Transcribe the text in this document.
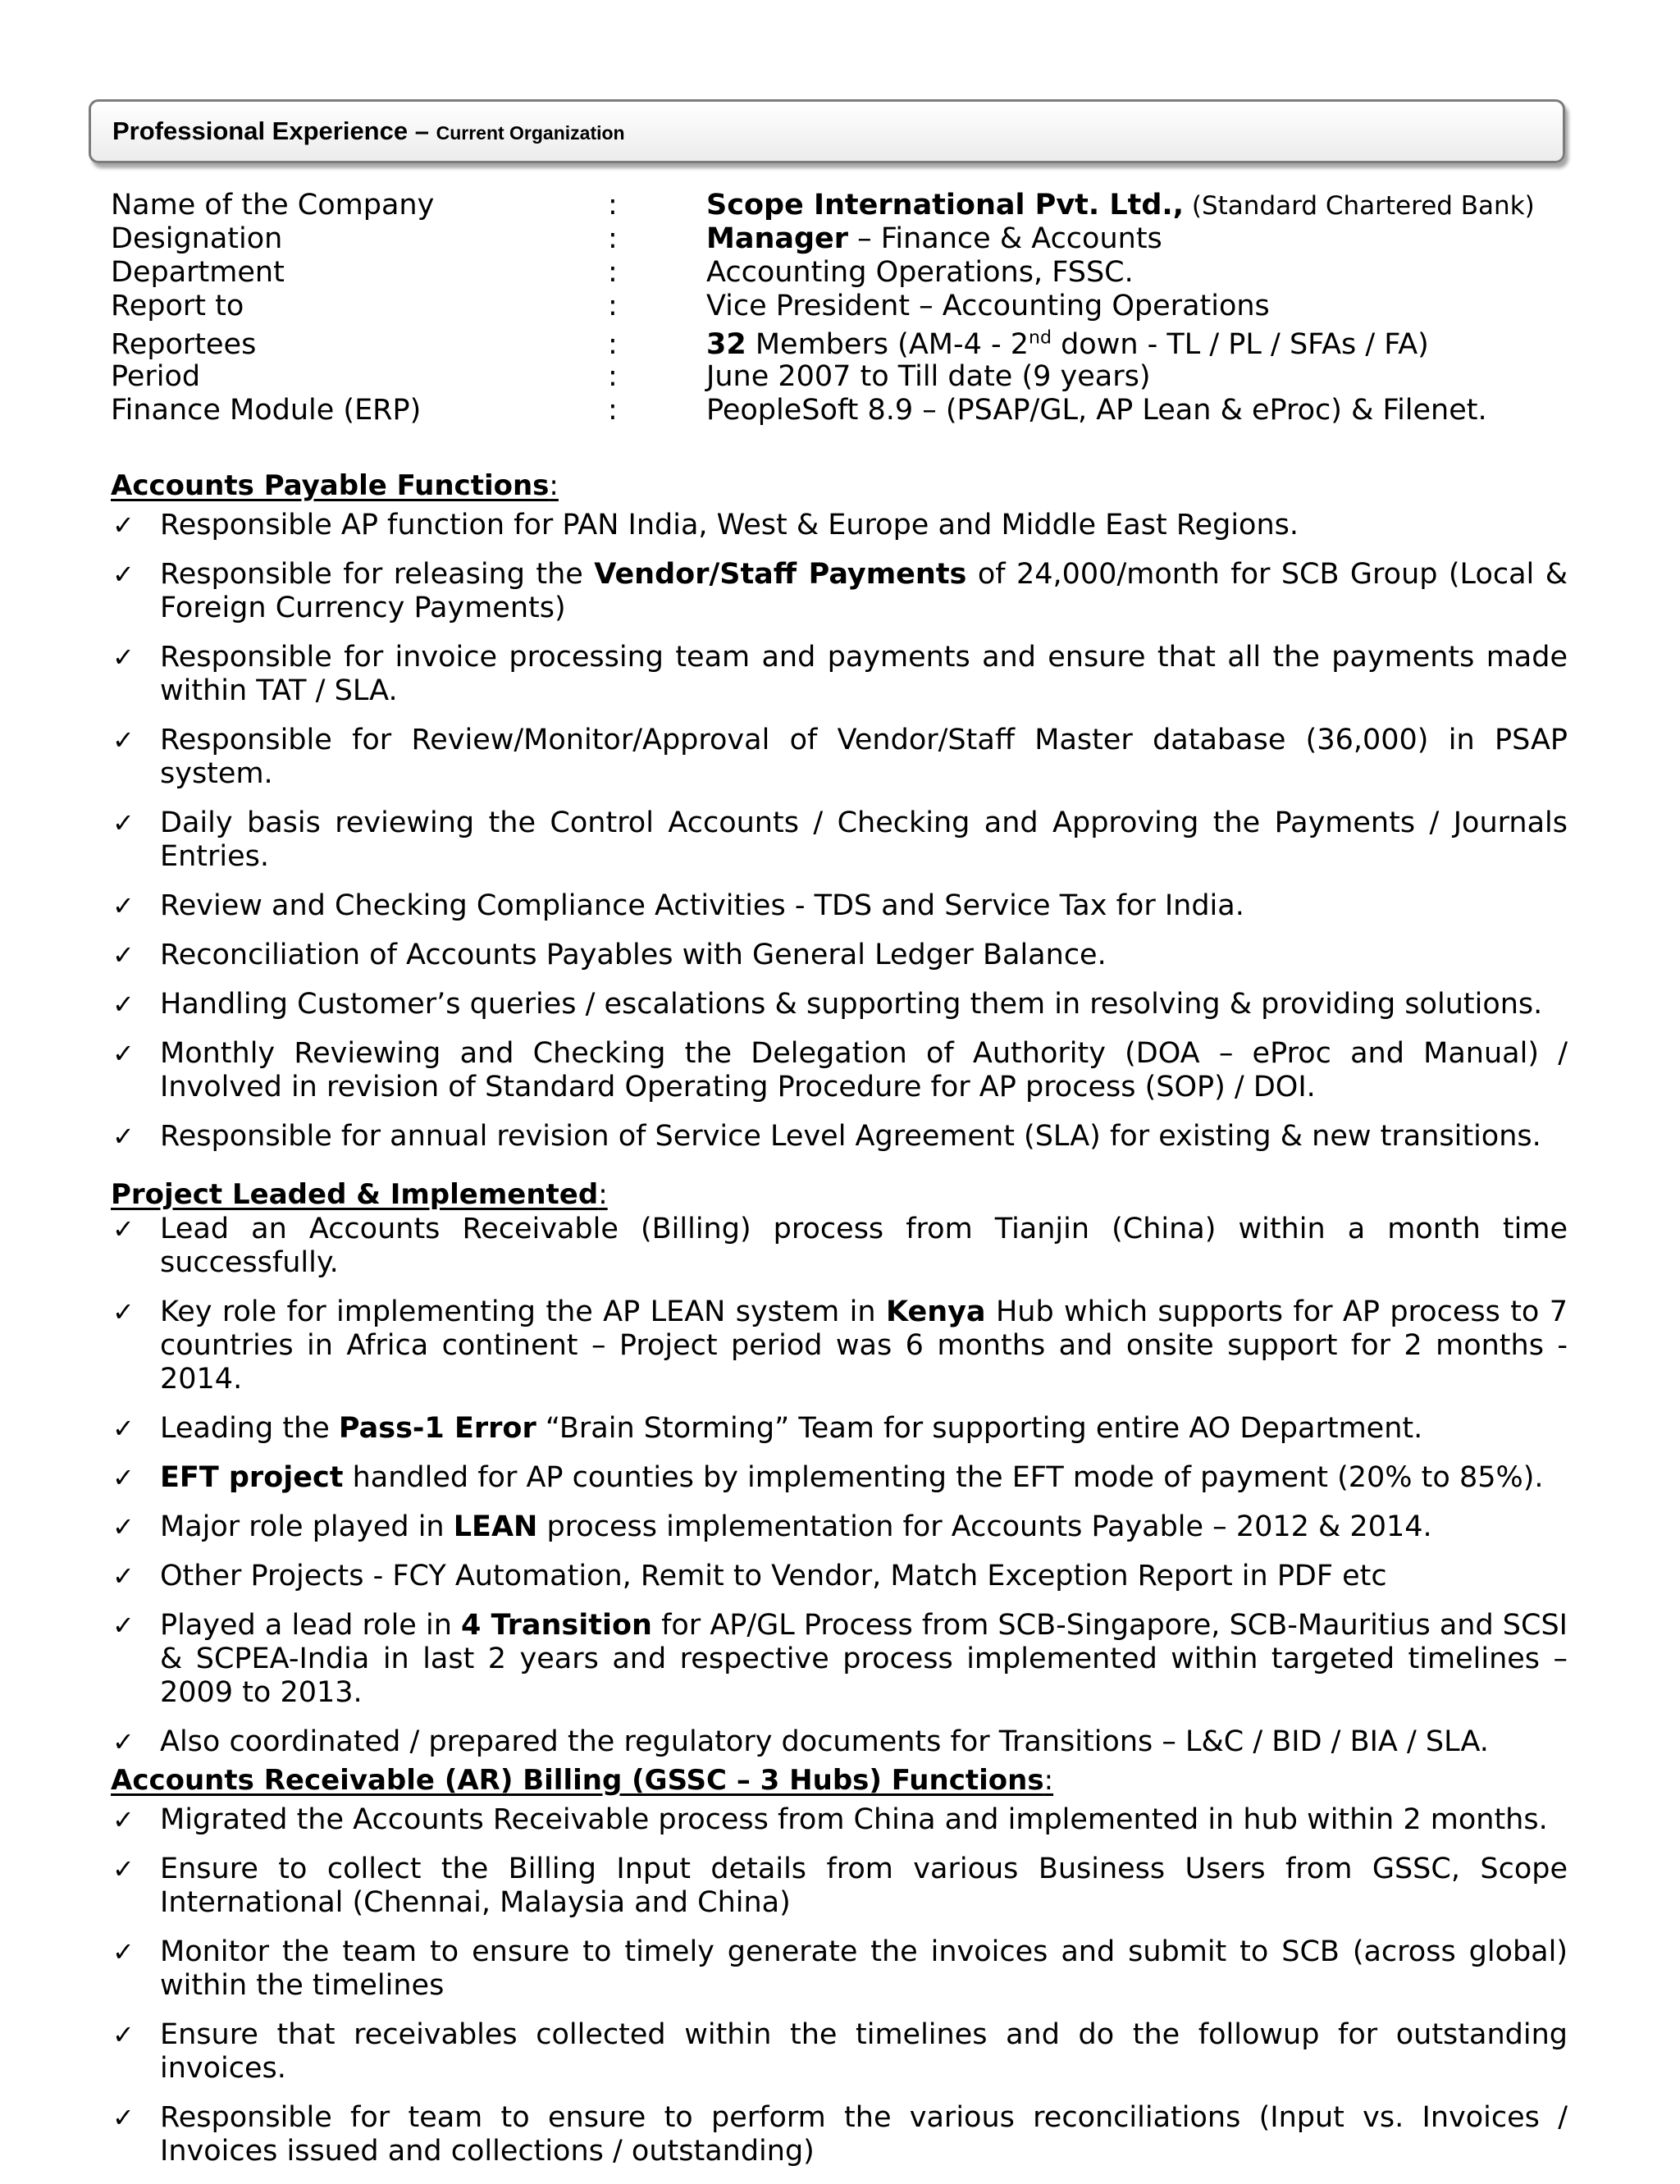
Professional Experience – Current Organization
Name of the Company	:	Scope International Pvt. Ltd., (Standard Chartered Bank)
Designation	:	Manager – Finance & Accounts
Department	:	Accounting Operations, FSSC.
Report to	:	Vice President – Accounting Operations
Reportees	:	32 Members (AM-4 - 2nd down - TL / PL / SFAs / FA)
Period	:	June 2007 to Till date (9 years)
Finance Module (ERP)	:	PeopleSoft 8.9 – (PSAP/GL, AP Lean & eProc) & Filenet.
Accounts Payable Functions:
✓ Responsible AP function for PAN India, West & Europe and Middle East Regions.
✓ Responsible for releasing the Vendor/Staff Payments of 24,000/month for SCB Group (Local & Foreign Currency Payments)
✓ Responsible for invoice processing team and payments and ensure that all the payments made within TAT / SLA.
✓ Responsible for Review/Monitor/Approval of Vendor/Staff Master database (36,000) in PSAP system.
✓ Daily basis reviewing the Control Accounts / Checking and Approving the Payments / Journals Entries.
✓ Review and Checking Compliance Activities - TDS and Service Tax for India.
✓ Reconciliation of Accounts Payables with General Ledger Balance.
✓ Handling Customer’s queries / escalations & supporting them in resolving & providing solutions.
✓ Monthly Reviewing and Checking the Delegation of Authority (DOA – eProc and Manual) / Involved in revision of Standard Operating Procedure for AP process (SOP) / DOI.
✓ Responsible for annual revision of Service Level Agreement (SLA) for existing & new transitions.
Project Leaded & Implemented:
✓ Lead an Accounts Receivable (Billing) process from Tianjin (China) within a month time successfully.
✓ Key role for implementing the AP LEAN system in Kenya Hub which supports for AP process to 7 countries in Africa continent – Project period was 6 months and onsite support for 2 months - 2014.
✓ Leading the Pass-1 Error “Brain Storming” Team for supporting entire AO Department.
✓ EFT project handled for AP counties by implementing the EFT mode of payment (20% to 85%).
✓ Major role played in LEAN process implementation for Accounts Payable – 2012 & 2014.
✓ Other Projects - FCY Automation, Remit to Vendor, Match Exception Report in PDF etc
✓ Played a lead role in 4 Transition for AP/GL Process from SCB-Singapore, SCB-Mauritius and SCSI & SCPEA-India in last 2 years and respective process implemented within targeted timelines – 2009 to 2013.
✓ Also coordinated / prepared the regulatory documents for Transitions – L&C / BID / BIA / SLA.
Accounts Receivable (AR) Billing (GSSC – 3 Hubs) Functions:
✓ Migrated the Accounts Receivable process from China and implemented in hub within 2 months.
✓ Ensure to collect the Billing Input details from various Business Users from GSSC, Scope International (Chennai, Malaysia and China)
✓ Monitor the team to ensure to timely generate the invoices and submit to SCB (across global) within the timelines
✓ Ensure that receivables collected within the timelines and do the followup for outstanding invoices.
✓ Responsible for team to ensure to perform the various reconciliations (Input vs. Invoices / Invoices issued and collections / outstanding)
